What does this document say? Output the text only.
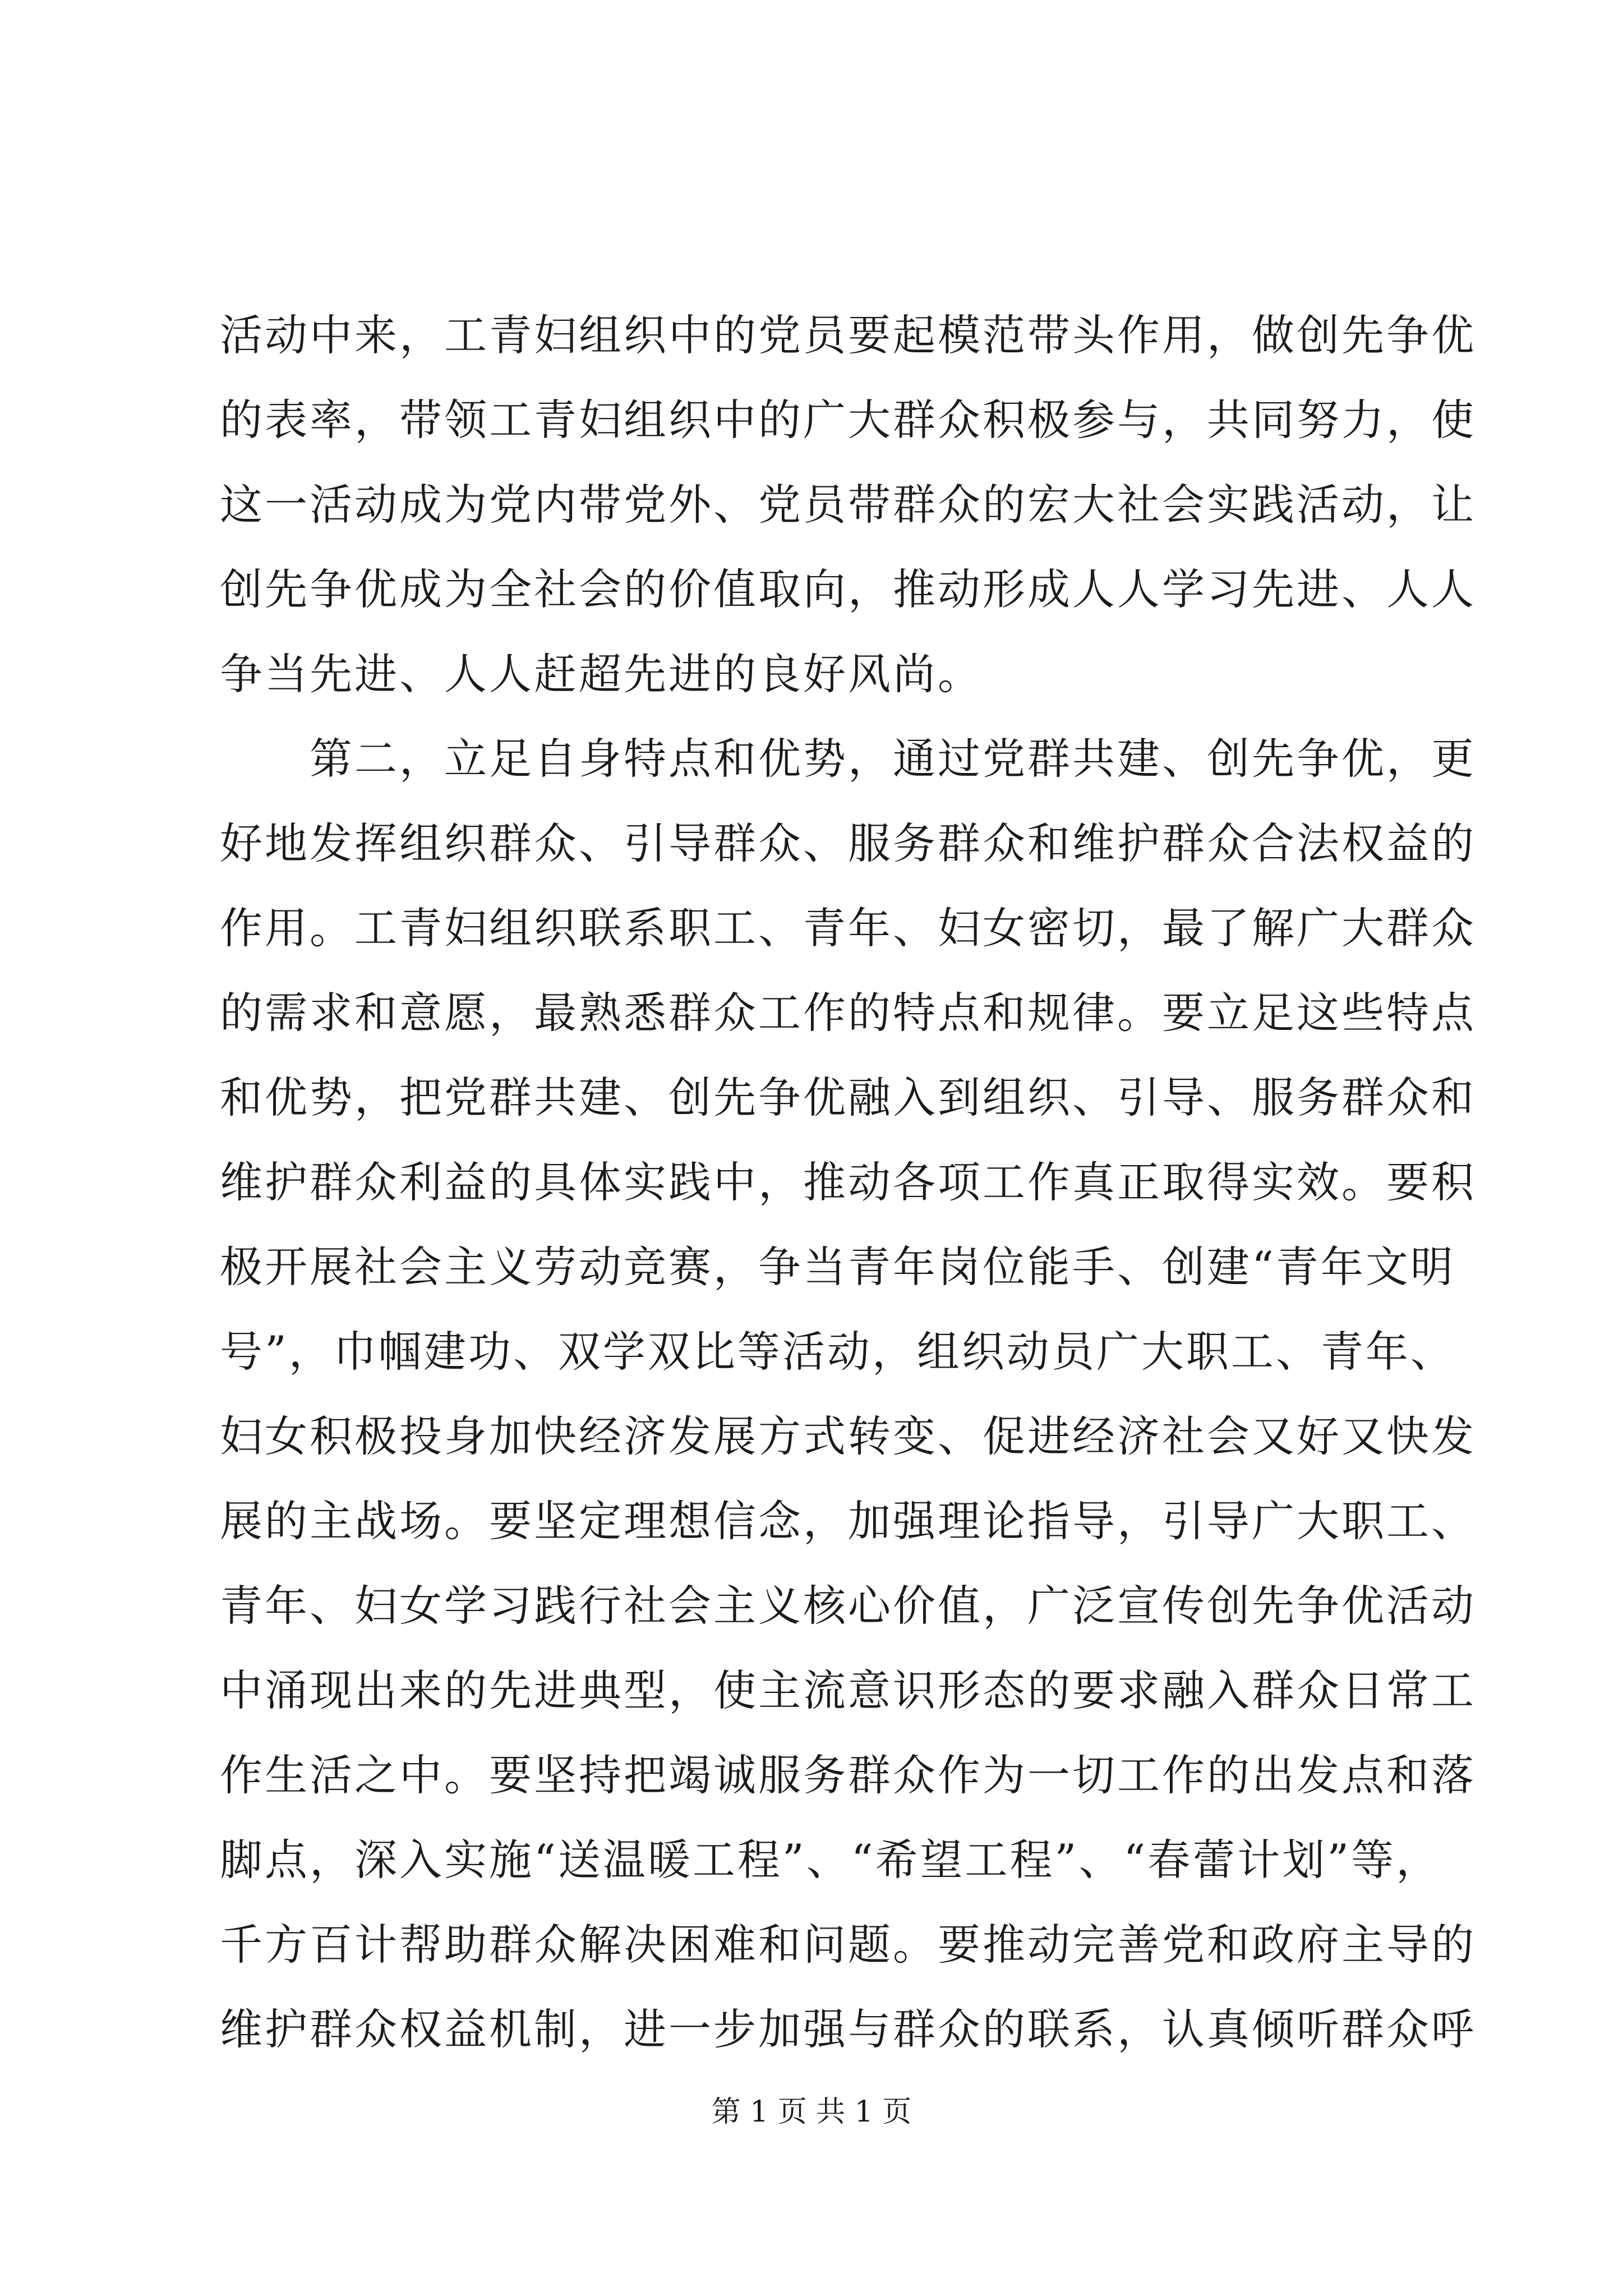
活动中来，工青妇组织中的党员要起模范带头作用，做创先争优
的表率，带领工青妇组织中的广大群众积极参与，共同努力，使
这一活动成为党内带党外、党员带群众的宏大社会实践活动，让
创先争优成为全社会的价值取向，推动形成人人学习先进、人人
争当先进、人人赶超先进的良好风尚。
　　第二，立足自身特点和优势，通过党群共建、创先争优，更
好地发挥组织群众、引导群众、服务群众和维护群众合法权益的
作用。工青妇组织联系职工、青年、妇女密切，最了解广大群众
的需求和意愿，最熟悉群众工作的特点和规律。要立足这些特点
和优势，把党群共建、创先争优融入到组织、引导、服务群众和
维护群众利益的具体实践中，推动各项工作真正取得实效。要积
极开展社会主义劳动竞赛，争当青年岗位能手、创建“青年文明
号”，巾帼建功、双学双比等活动，组织动员广大职工、青年、
妇女积极投身加快经济发展方式转变、促进经济社会又好又快发
展的主战场。要坚定理想信念，加强理论指导，引导广大职工、
青年、妇女学习践行社会主义核心价值，广泛宣传创先争优活动
中涌现出来的先进典型，使主流意识形态的要求融入群众日常工
作生活之中。要坚持把竭诚服务群众作为一切工作的出发点和落
脚点，深入实施“送温暖工程”、“希望工程”、“春蕾计划”等，
千方百计帮助群众解决困难和问题。要推动完善党和政府主导的
维护群众权益机制，进一步加强与群众的联系，认真倾听群众呼
第 1 页 共 1 页
